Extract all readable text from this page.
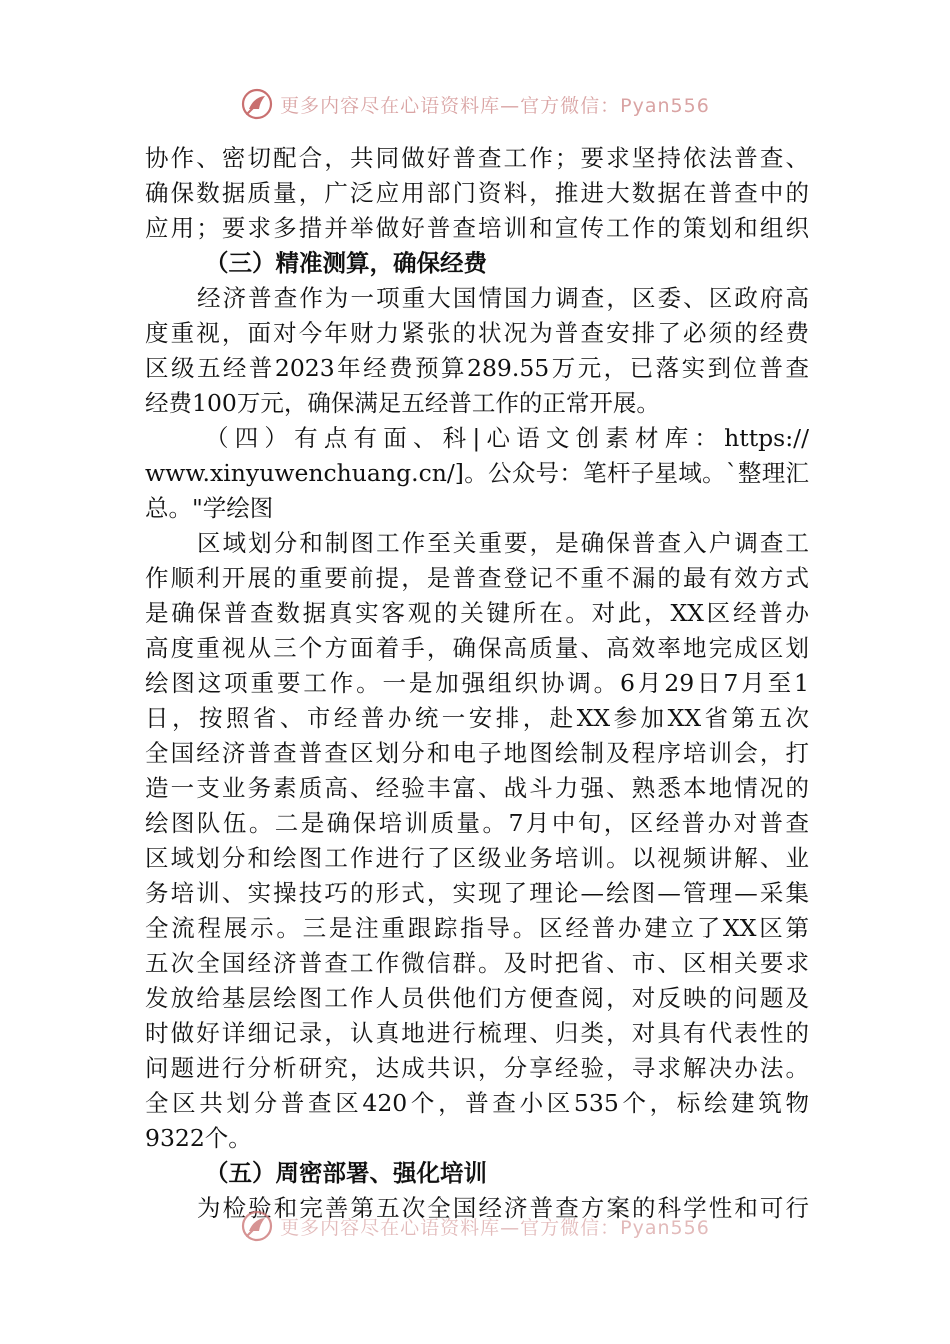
更多内容尽在心语资料库—官方微信：Pyan556
协作、密切配合，共同做好普查工作；要求坚持依法普查、
确保数据质量，广泛应用部门资料，推进大数据在普查中的
应用；要求多措并举做好普查培训和宣传工作的策划和组织
（三）精准测算，确保经费
经济普查作为一项重大国情国力调查，区委、区政府高
度重视，面对今年财力紧张的状况为普查安排了必须的经费
区级五经普2023年经费预算289.55万元，已落实到位普查
经费100万元，确保满足五经普工作的正常开展。
（四）有点有面、科|心语文创素材库：https://
www.xinyuwenchuang.cn/]。公众号：笔杆子星域。`整理汇
总。"学绘图
区域划分和制图工作至关重要，是确保普查入户调查工
作顺利开展的重要前提，是普查登记不重不漏的最有效方式
是确保普查数据真实客观的关键所在。对此，XX区经普办
高度重视从三个方面着手，确保高质量、高效率地完成区划
绘图这项重要工作。一是加强组织协调。6月29日7月至1
日，按照省、市经普办统一安排，赴XX参加XX省第五次
全国经济普查普查区划分和电子地图绘制及程序培训会，打
造一支业务素质高、经验丰富、战斗力强、熟悉本地情况的
绘图队伍。二是确保培训质量。7月中旬，区经普办对普查
区域划分和绘图工作进行了区级业务培训。以视频讲解、业
务培训、实操技巧的形式，实现了理论—绘图—管理—采集
全流程展示。三是注重跟踪指导。区经普办建立了XX区第
五次全国经济普查工作微信群。及时把省、市、区相关要求
发放给基层绘图工作人员供他们方便查阅，对反映的问题及
时做好详细记录，认真地进行梳理、归类，对具有代表性的
问题进行分析研究，达成共识，分享经验，寻求解决办法。
全区共划分普查区420个，普查小区535个，标绘建筑物
9322个。
（五）周密部署、强化培训
为检验和完善第五次全国经济普查方案的科学性和可行
更多内容尽在心语资料库—官方微信：Pyan556
